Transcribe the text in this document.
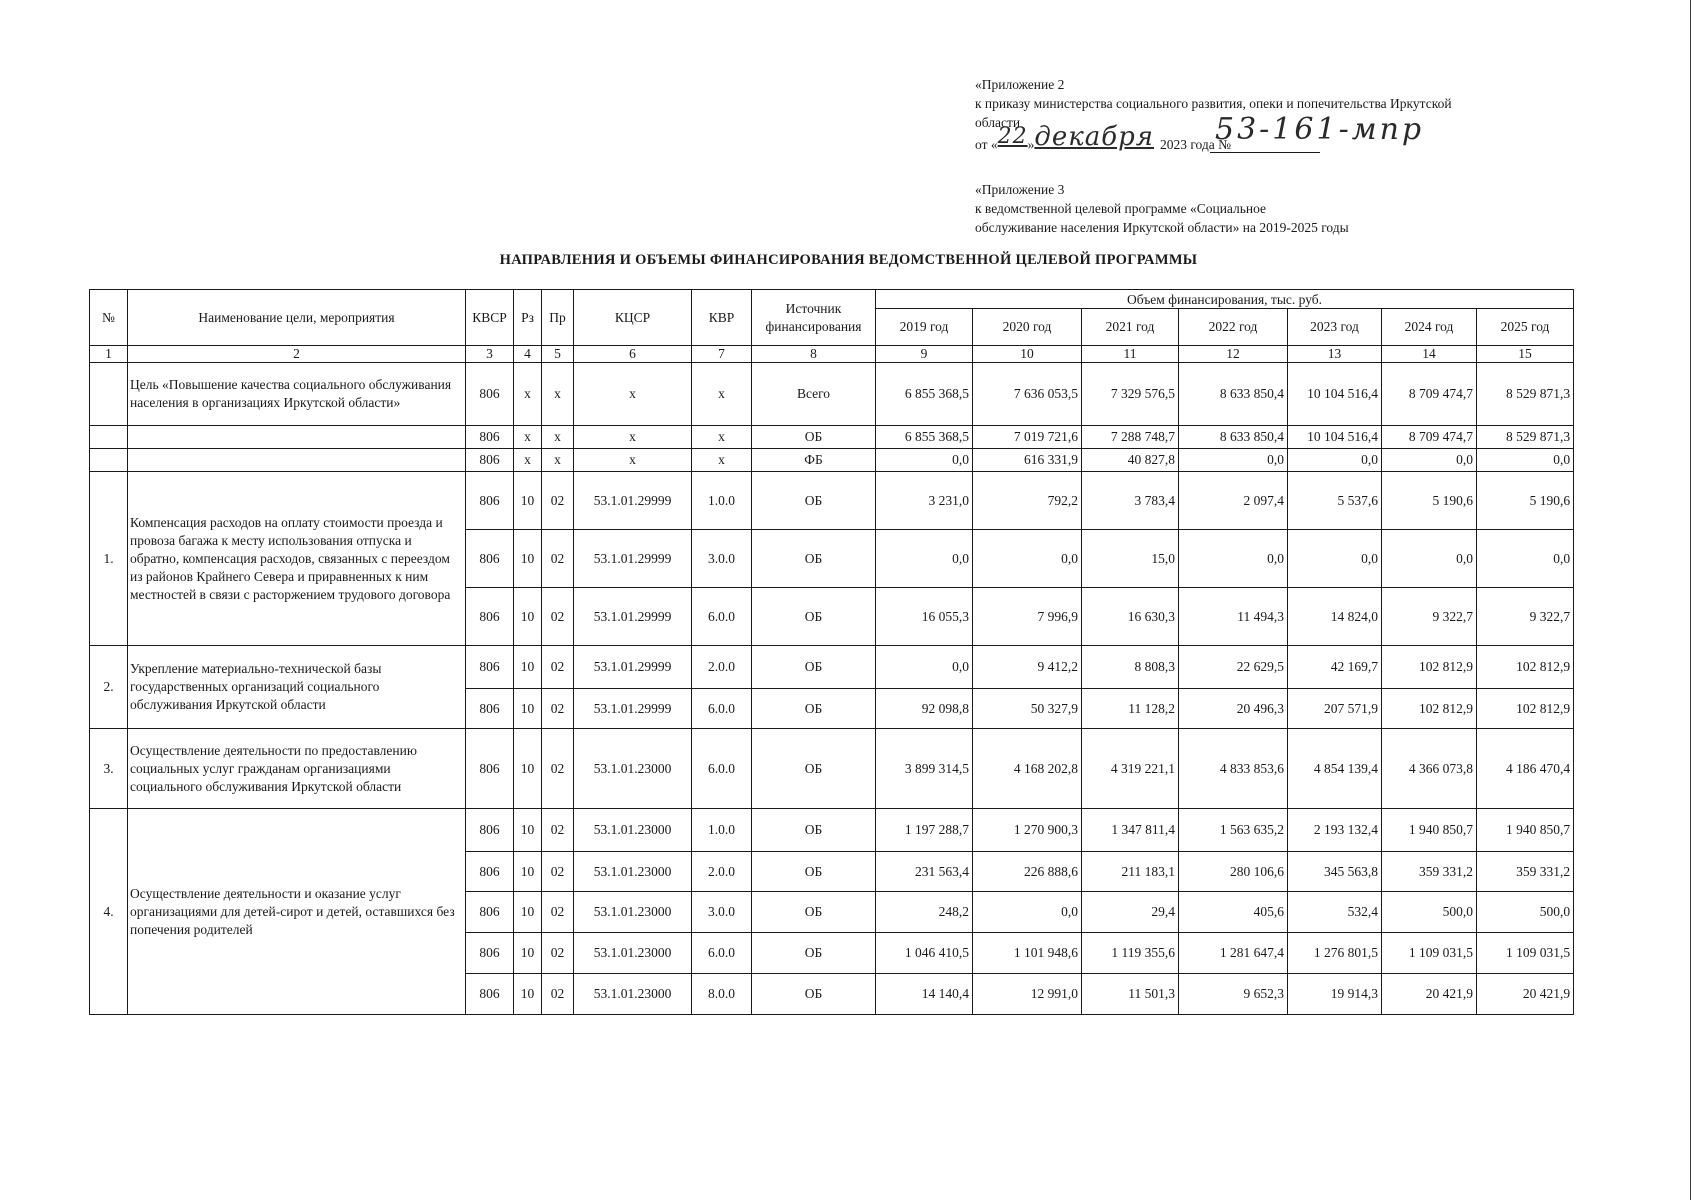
«Приложение 2
к приказу министерства социального развития, опеки и попечительства Иркутской
области
от «22»декабря 2023 года №
53-161-мпр
«Приложение 3
к ведомственной целевой программе «Социальное
обслуживание населения Иркутской области» на 2019-2025 годы
НАПРАВЛЕНИЯ И ОБЪЕМЫ ФИНАНСИРОВАНИЯ ВЕДОМСТВЕННОЙ ЦЕЛЕВОЙ ПРОГРАММЫ
№	Наименование цели, мероприятия	КВСР	Рз	Пр	КЦСР	КВР	Источник финансирования	Объем финансирования, тыс. руб.						
								2019 год	2020 год	2021 год	2022 год	2023 год	2024 год	2025 год
1	2	3	4	5	6	7	8	9	10	11	12	13	14	15
	Цель «Повышение качества социального обслуживания населения в организациях Иркутской области»	806	x	x	x	x	Всего	6 855 368,5	7 636 053,5	7 329 576,5	8 633 850,4	10 104 516,4	8 709 474,7	8 529 871,3
		806	x	x	x	x	ОБ	6 855 368,5	7 019 721,6	7 288 748,7	8 633 850,4	10 104 516,4	8 709 474,7	8 529 871,3
		806	x	x	x	x	ФБ	0,0	616 331,9	40 827,8	0,0	0,0	0,0	0,0
1.	Компенсация расходов на оплату стоимости проезда и провоза багажа к месту использования отпуска и обратно, компенсация расходов, связанных с переездом из районов Крайнего Севера и приравненных к ним местностей в связи с расторжением трудового договора	806	10	02	53.1.01.29999	1.0.0	ОБ	3 231,0	792,2	3 783,4	2 097,4	5 537,6	5 190,6	5 190,6
		806	10	02	53.1.01.29999	3.0.0	ОБ	0,0	0,0	15,0	0,0	0,0	0,0	0,0
		806	10	02	53.1.01.29999	6.0.0	ОБ	16 055,3	7 996,9	16 630,3	11 494,3	14 824,0	9 322,7	9 322,7
2.	Укрепление материально-технической базы государственных организаций социального обслуживания Иркутской области	806	10	02	53.1.01.29999	2.0.0	ОБ	0,0	9 412,2	8 808,3	22 629,5	42 169,7	102 812,9	102 812,9
		806	10	02	53.1.01.29999	6.0.0	ОБ	92 098,8	50 327,9	11 128,2	20 496,3	207 571,9	102 812,9	102 812,9
3.	Осуществление деятельности по предоставлению социальных услуг гражданам организациями социального обслуживания Иркутской области	806	10	02	53.1.01.23000	6.0.0	ОБ	3 899 314,5	4 168 202,8	4 319 221,1	4 833 853,6	4 854 139,4	4 366 073,8	4 186 470,4
4.	Осуществление деятельности и оказание услуг организациями для детей-сирот и детей, оставшихся без попечения родителей	806	10	02	53.1.01.23000	1.0.0	ОБ	1 197 288,7	1 270 900,3	1 347 811,4	1 563 635,2	2 193 132,4	1 940 850,7	1 940 850,7
		806	10	02	53.1.01.23000	2.0.0	ОБ	231 563,4	226 888,6	211 183,1	280 106,6	345 563,8	359 331,2	359 331,2
		806	10	02	53.1.01.23000	3.0.0	ОБ	248,2	0,0	29,4	405,6	532,4	500,0	500,0
		806	10	02	53.1.01.23000	6.0.0	ОБ	1 046 410,5	1 101 948,6	1 119 355,6	1 281 647,4	1 276 801,5	1 109 031,5	1 109 031,5
		806	10	02	53.1.01.23000	8.0.0	ОБ	14 140,4	12 991,0	11 501,3	9 652,3	19 914,3	20 421,9	20 421,9
